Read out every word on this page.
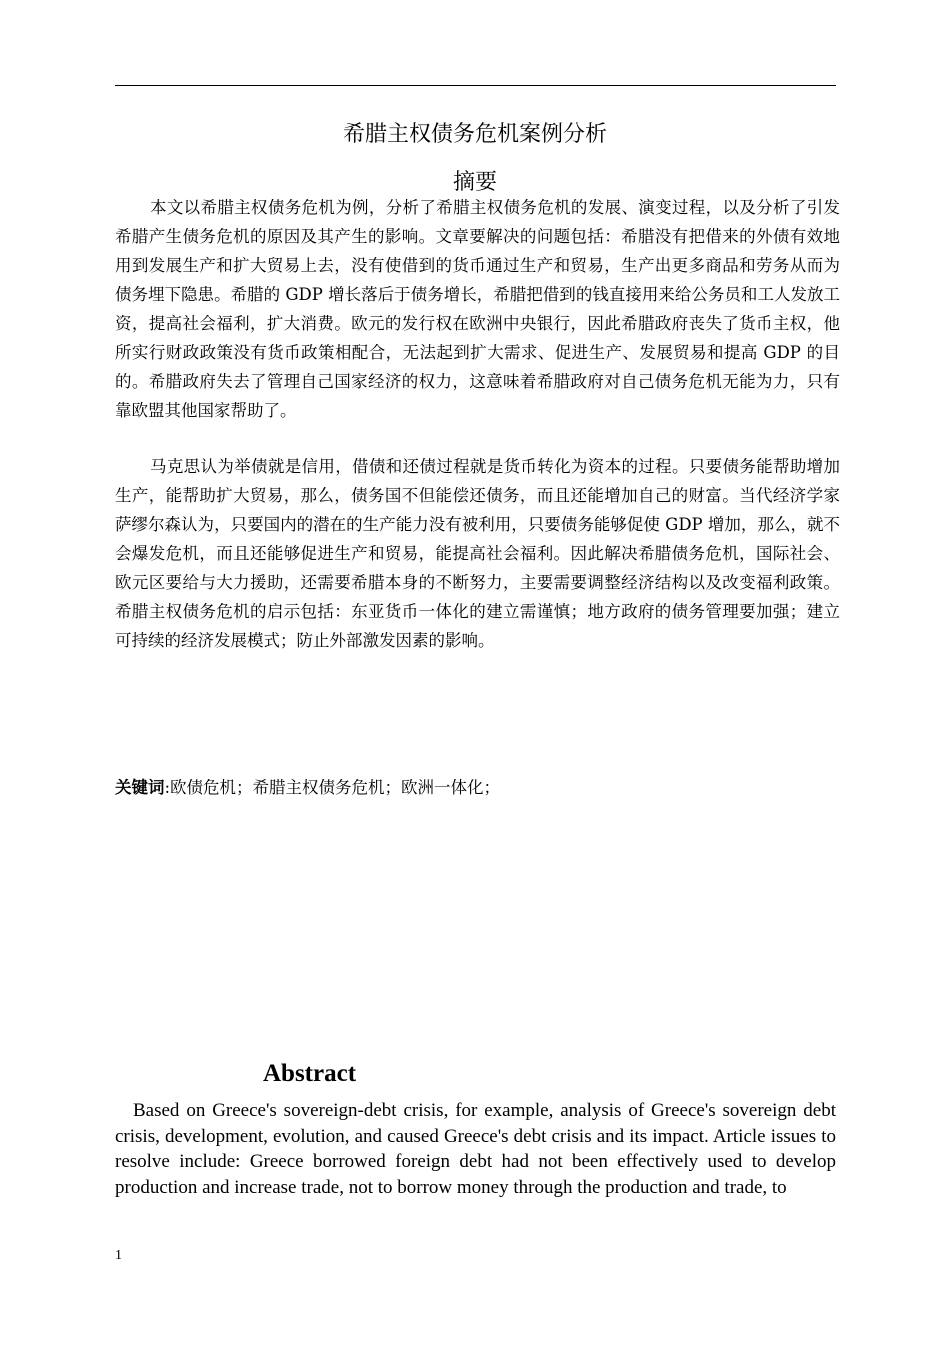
希腊主权债务危机案例分析
摘要

本文以希腊主权债务危机为例，分析了希腊主权债务危机的发展、演变过程，以及分析了引发希腊产生债务危机的原因及其产生的影响。文章要解决的问题包括：希腊没有把借来的外债有效地用到发展生产和扩大贸易上去，没有使借到的货币通过生产和贸易，生产出更多商品和劳务从而为债务埋下隐患。希腊的 GDP 增长落后于债务增长，希腊把借到的钱直接用来给公务员和工人发放工资，提高社会福利，扩大消费。欧元的发行权在欧洲中央银行，因此希腊政府丧失了货币主权，他所实行财政政策没有货币政策相配合，无法起到扩大需求、促进生产、发展贸易和提高 GDP 的目的。希腊政府失去了管理自己国家经济的权力，这意味着希腊政府对自己债务危机无能为力，只有靠欧盟其他国家帮助了。

马克思认为举债就是信用，借债和还债过程就是货币转化为资本的过程。只要债务能帮助增加生产，能帮助扩大贸易，那么，债务国不但能偿还债务，而且还能增加自己的财富。当代经济学家萨缪尔森认为，只要国内的潜在的生产能力没有被利用，只要债务能够促使 GDP 增加，那么，就不会爆发危机，而且还能够促进生产和贸易，能提高社会福利。因此解决希腊债务危机，国际社会、欧元区要给与大力援助，还需要希腊本身的不断努力，主要需要调整经济结构以及改变福利政策。希腊主权债务危机的启示包括：东亚货币一体化的建立需谨慎；地方政府的债务管理要加强；建立可持续的经济发展模式；防止外部激发因素的影响。

关键词:欧债危机；希腊主权债务危机；欧洲一体化；
Abstract

Based on Greece's sovereign-debt crisis, for example, analysis of Greece's sovereign debt crisis, development, evolution, and caused Greece's debt crisis and its impact. Article issues to resolve include: Greece borrowed foreign debt had not been effectively used to develop production and increase trade, not to borrow money through the production and trade, to

1
